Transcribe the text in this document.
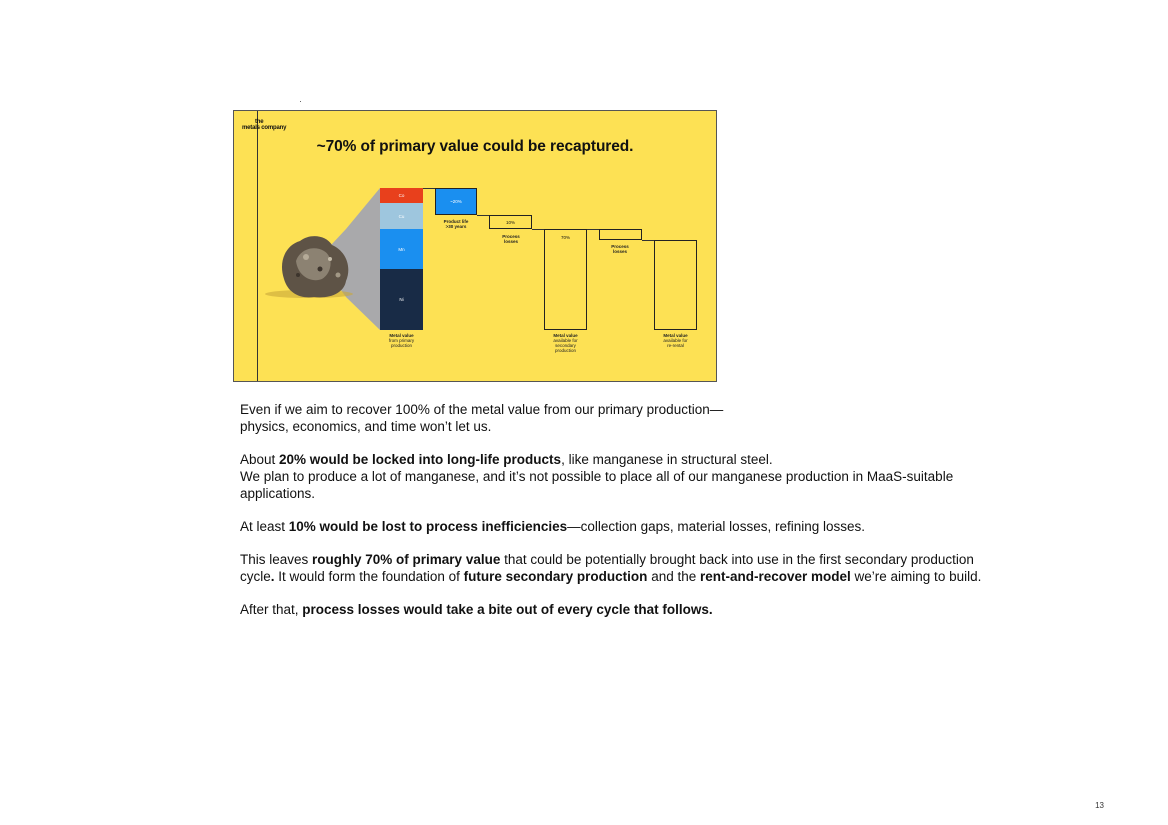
the
metals company
~70% of primary value could be recaptured.
Co
Cu
Mn
Ni
~20%
10%
70%
Product life
>30 years
Process
losses
Process
losses
Metal value
from primary
production
Metal value
available for
secondary
production
Metal value
available for
re-rental

Even if we aim to recover 100% of the metal value from our primary production—
physics, economics, and time won’t let us.

About 20% would be locked into long-life products, like manganese in structural steel.
We plan to produce a lot of manganese, and it’s not possible to place all of our manganese production in MaaS-suitable applications.

At least 10% would be lost to process inefficiencies—collection gaps, material losses, refining losses.

This leaves roughly 70% of primary value that could be potentially brought back into use in the first secondary production cycle. It would form the foundation of future secondary production and the rent-and-recover model we’re aiming to build.

After that, process losses would take a bite out of every cycle that follows.

13
